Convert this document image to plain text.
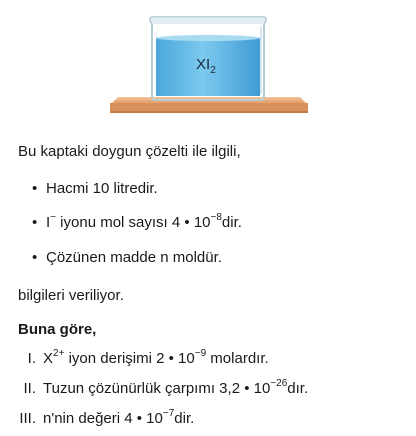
$XI_2$
Bu kaptaki doygun çözelti ile ilgili,
• Hacmi 10 litredir.
• I− iyonu mol sayısı 4 • $10^{-8}dir$.
• Çözünen madde n moldür.
bilgileri veriliyor.
Buna göre,
I. $X^{2+}$ iyon derişimi 2 • $10^{-9}$ molardır.
II. Tuzun çözünürlük çarpımı 3,2 • $10^{-26}dır$.
III. n'nin değeri 4 • $10^{-7}dir$.
